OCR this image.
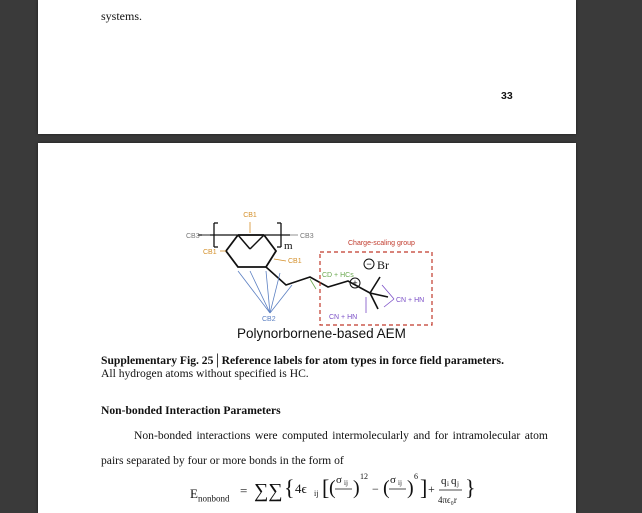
systems.
33
−
+
CB1
CB3	CB3
m
CB1
CB1
Charge-scaling group
Br
CD + HCs
CN + HN
CN + HN
CB2
Polynorbornene-based AEM
Supplementary Fig. 25│Reference labels for atom types in force field parameters. All hydrogen atoms without specified is HC.
Non-bonded Interaction Parameters
Non-bonded interactions were computed intermolecularly and for intramolecular atom
pairs separated by four or more bonds in the form of
$E_{nonbond}$
= ∑∑ { 4ϵ ij [ ( σ ij )
12
− ( σ ij )
6 ] +
q i q j
4πϵ₀r }
